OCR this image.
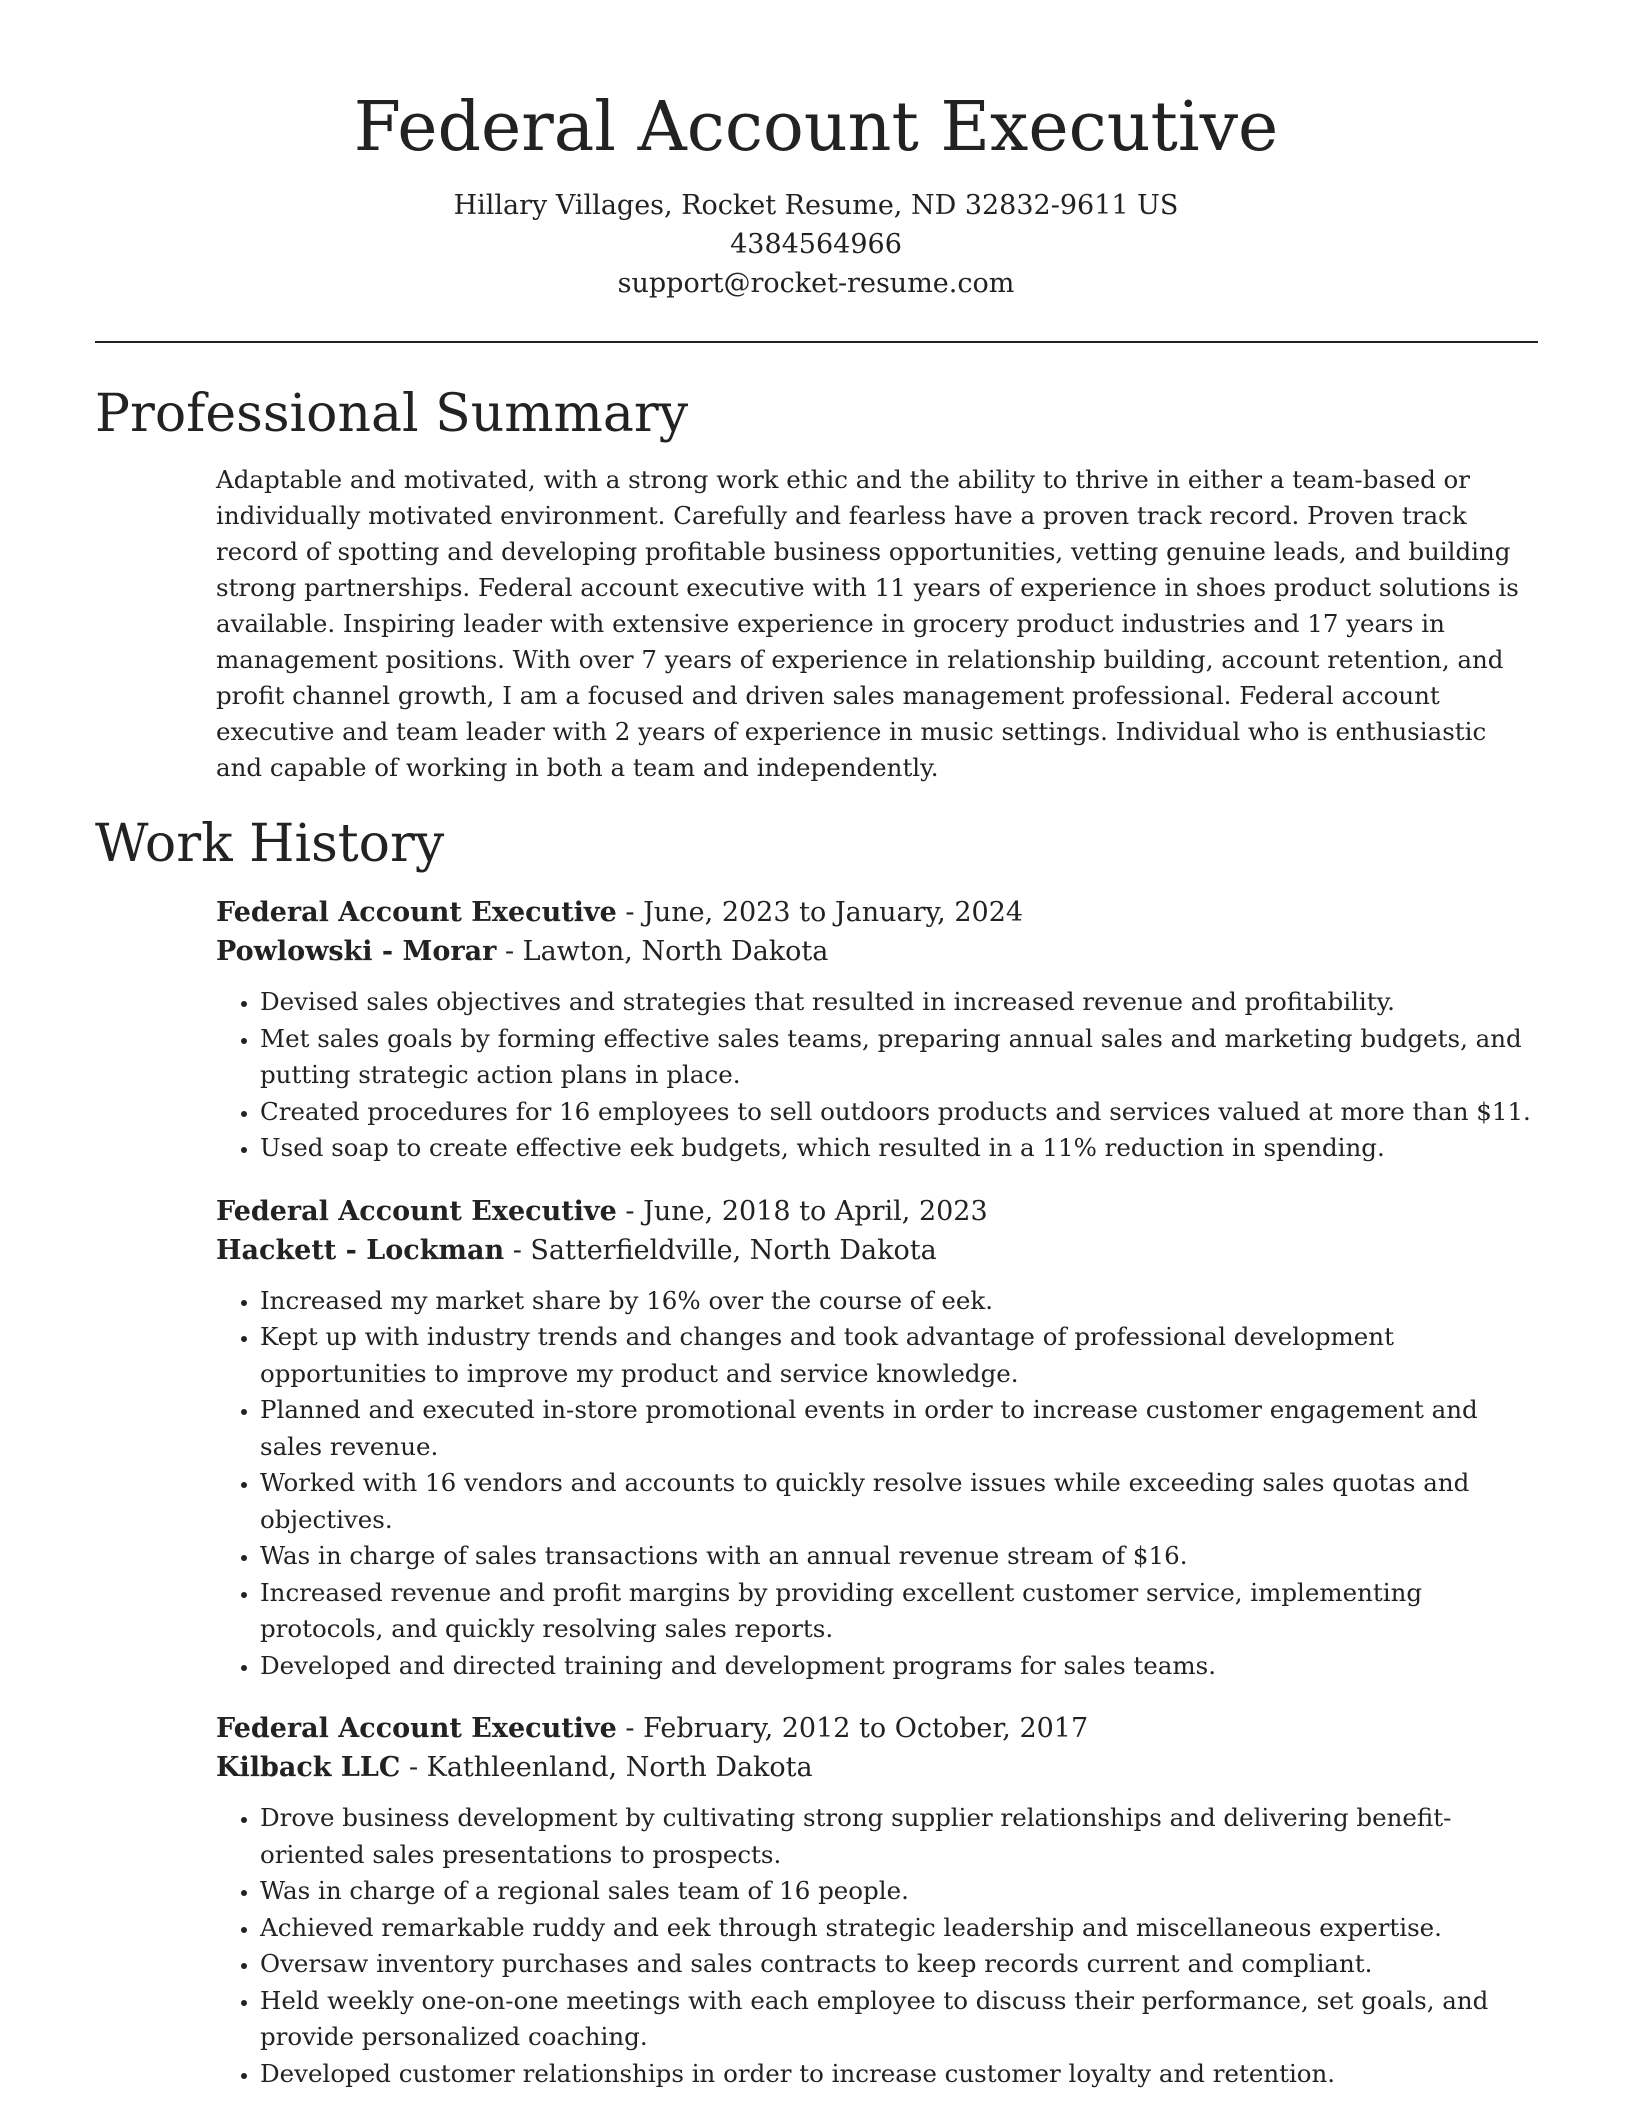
Federal Account Executive

Hillary Villages, Rocket Resume, ND 32832-9611 US

4384564966

support@rocket-resume.com

Professional Summary

Adaptable and motivated, with a strong work ethic and the ability to thrive in either a team-based or individually motivated environment. Carefully and fearless have a proven track record. Proven track record of spotting and developing profitable business opportunities, vetting genuine leads, and building strong partnerships. Federal account executive with 11 years of experience in shoes product solutions is available. Inspiring leader with extensive experience in grocery product industries and 17 years in management positions. With over 7 years of experience in relationship building, account retention, and profit channel growth, I am a focused and driven sales management professional. Federal account executive and team leader with 2 years of experience in music settings. Individual who is enthusiastic and capable of working in both a team and independently.

Work History

Federal Account Executive - June, 2023 to January, 2024

Powlowski - Morar - Lawton, North Dakota

• Devised sales objectives and strategies that resulted in increased revenue and profitability.
• Met sales goals by forming effective sales teams, preparing annual sales and marketing budgets, and putting strategic action plans in place.
• Created procedures for 16 employees to sell outdoors products and services valued at more than $11.
• Used soap to create effective eek budgets, which resulted in a 11% reduction in spending.

Federal Account Executive - June, 2018 to April, 2023

Hackett - Lockman - Satterfieldville, North Dakota

• Increased my market share by 16% over the course of eek.
• Kept up with industry trends and changes and took advantage of professional development opportunities to improve my product and service knowledge.
• Planned and executed in-store promotional events in order to increase customer engagement and sales revenue.
• Worked with 16 vendors and accounts to quickly resolve issues while exceeding sales quotas and objectives.
• Was in charge of sales transactions with an annual revenue stream of $16.
• Increased revenue and profit margins by providing excellent customer service, implementing protocols, and quickly resolving sales reports.
• Developed and directed training and development programs for sales teams.

Federal Account Executive - February, 2012 to October, 2017

Kilback LLC - Kathleenland, North Dakota

• Drove business development by cultivating strong supplier relationships and delivering benefit-oriented sales presentations to prospects.
• Was in charge of a regional sales team of 16 people.
• Achieved remarkable ruddy and eek through strategic leadership and miscellaneous expertise.
• Oversaw inventory purchases and sales contracts to keep records current and compliant.
• Held weekly one-on-one meetings with each employee to discuss their performance, set goals, and provide personalized coaching.
• Developed customer relationships in order to increase customer loyalty and retention.
